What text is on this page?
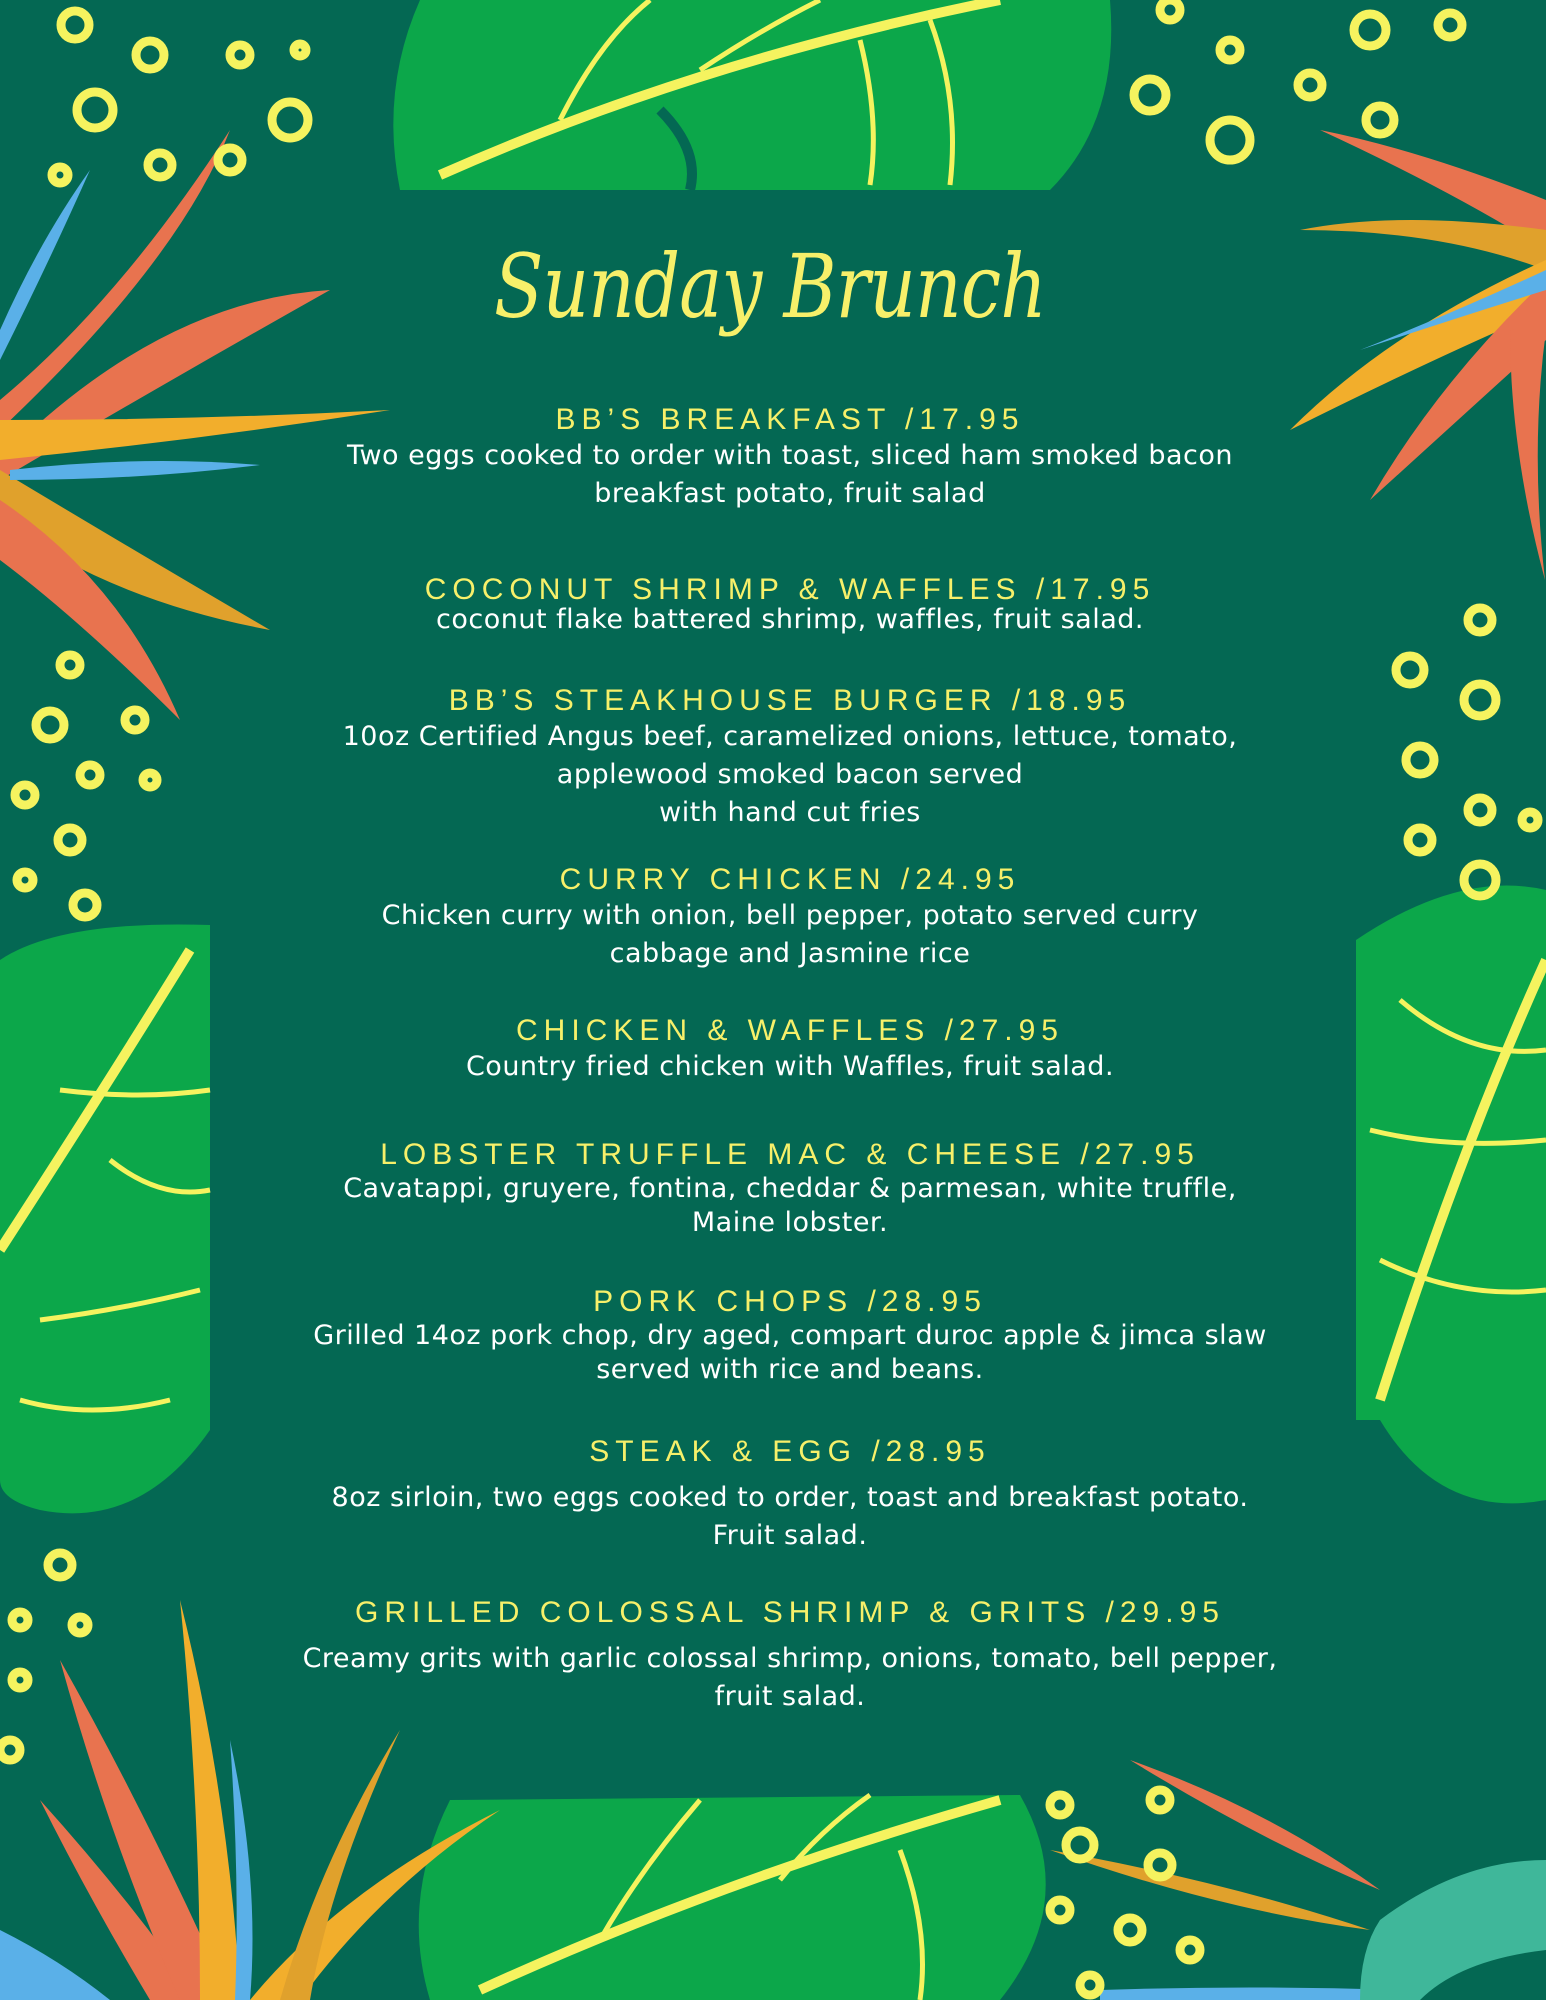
Sunday Brunch
BB’S BREAKFAST /17.95
Two eggs cooked to order with toast, sliced ham smoked bacon
breakfast potato, fruit salad
COCONUT SHRIMP & WAFFLES /17.95
coconut flake battered shrimp, waffles, fruit salad.
BB’S STEAKHOUSE BURGER /18.95
10oz Certified Angus beef, caramelized onions, lettuce, tomato,
applewood smoked bacon served
with hand cut fries
CURRY CHICKEN /24.95
Chicken curry with onion, bell pepper, potato served curry
cabbage and Jasmine rice
CHICKEN & WAFFLES /27.95
Country fried chicken with Waffles, fruit salad.
LOBSTER TRUFFLE MAC & CHEESE /27.95
Cavatappi, gruyere, fontina, cheddar & parmesan, white truffle,
Maine lobster.
PORK CHOPS /28.95
Grilled 14oz pork chop, dry aged, compart duroc apple & jimca slaw
served with rice and beans.
STEAK & EGG /28.95
8oz sirloin, two eggs cooked to order, toast and breakfast potato.
Fruit salad.
GRILLED COLOSSAL SHRIMP & GRITS /29.95
Creamy grits with garlic colossal shrimp, onions, tomato, bell pepper,
fruit salad.
